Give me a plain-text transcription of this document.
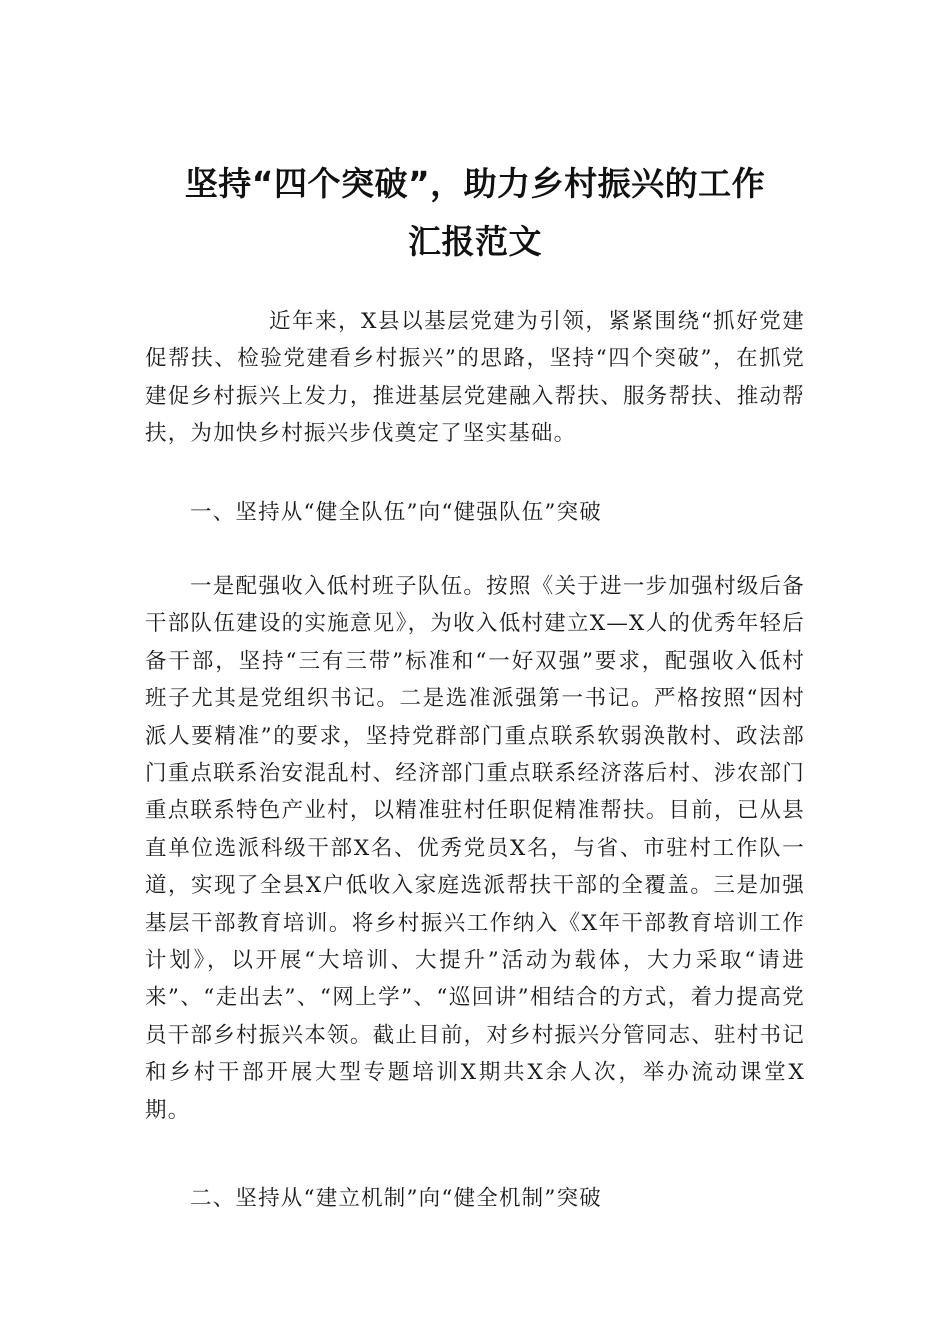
坚持“四个突破”，助力乡村振兴的工作
汇报范文

近年来，X县以基层党建为引领，紧紧围绕“抓好党建促帮扶、检验党建看乡村振兴”的思路，坚持“四个突破”，在抓党建促乡村振兴上发力，推进基层党建融入帮扶、服务帮扶、推动帮扶，为加快乡村振兴步伐奠定了坚实基础。

一、坚持从“健全队伍”向“健强队伍”突破

一是配强收入低村班子队伍。按照《关于进一步加强村级后备干部队伍建设的实施意见》，为收入低村建立X—X人的优秀年轻后备干部，坚持“三有三带”标准和“一好双强”要求，配强收入低村班子尤其是党组织书记。二是选准派强第一书记。严格按照“因村派人要精准”的要求，坚持党群部门重点联系软弱涣散村、政法部门重点联系治安混乱村、经济部门重点联系经济落后村、涉农部门重点联系特色产业村，以精准驻村任职促精准帮扶。目前，已从县直单位选派科级干部X名、优秀党员X名，与省、市驻村工作队一道，实现了全县X户低收入家庭选派帮扶干部的全覆盖。三是加强基层干部教育培训。将乡村振兴工作纳入《X年干部教育培训工作计划》，以开展“大培训、大提升”活动为载体，大力采取“请进来”、“走出去”、“网上学”、“巡回讲”相结合的方式，着力提高党员干部乡村振兴本领。截止目前，对乡村振兴分管同志、驻村书记和乡村干部开展大型专题培训X期共X余人次，举办流动课堂X期。

二、坚持从“建立机制”向“健全机制”突破
